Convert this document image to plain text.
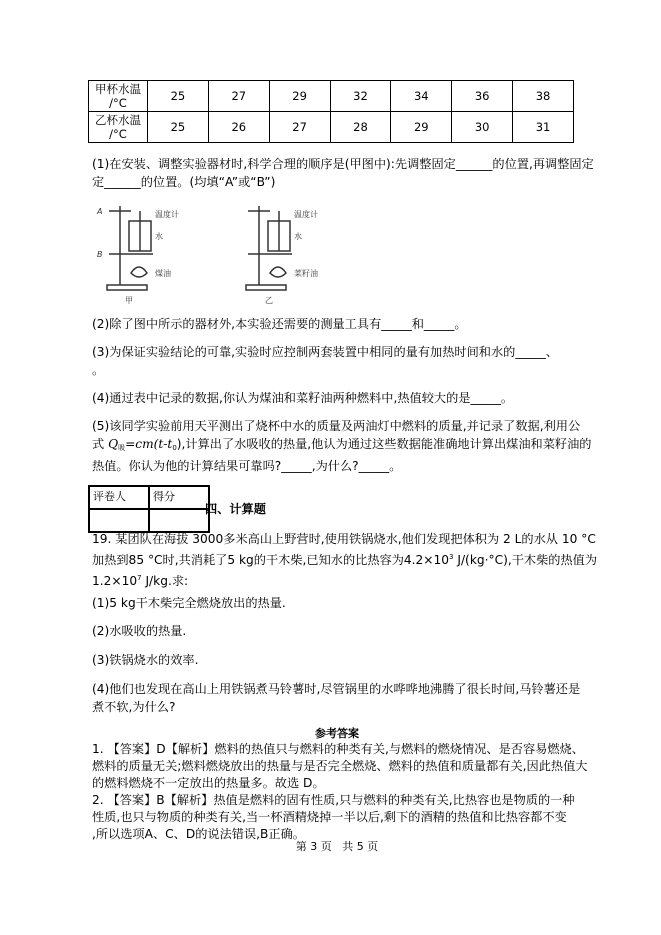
甲杯水温
/°C	25	27	29	32	34	36	38
乙杯水温
/°C	25	26	27	28	29	30	31
(1)在安装、调整实验器材时,科学合理的顺序是(甲图中):先调整固定______的位置,再调整固定
定______的位置。(均填“A”或“B”)
A
B
温度计
水
煤油
甲
温度计
水
菜籽油
乙
(2)除了图中所示的器材外,本实验还需要的测量工具有_____和_____。
(3)为保证实验结论的可靠,实验时应控制两套装置中相同的量有加热时间和水的_____、
。
(4)通过表中记录的数据,你认为煤油和菜籽油两种燃料中,热值较大的是_____。
(5)该同学实验前用天平测出了烧杯中水的质量及两油灯中燃料的质量,并记录了数据,利用公
式 $Q_吸=cm(t-t_0)$,计算出了水吸收的热量,他认为通过这些数据能准确地计算出煤油和菜籽油的
热值。你认为他的计算结果可靠吗?_____,为什么?_____。
评卷人	得分

四、计算题
19. 某团队在海拔 3000多米高山上野营时,使用铁锅烧水,他们发现把体积为 2 L的水从 10 °C
加热到85 °C时,共消耗了5 kg的干木柴,已知水的比热容为$4.2\times 10^3$ J/(kg·°C),干木柴的热值为
$1.2\times 10^7$ J/kg.求:
(1)5 kg干木柴完全燃烧放出的热量.
(2)水吸收的热量.
(3)铁锅烧水的效率.
(4)他们也发现在高山上用铁锅煮马铃薯时,尽管锅里的水哗哗地沸腾了很长时间,马铃薯还是
煮不软,为什么?
参考答案
1. 【答案】D【解析】燃料的热值只与燃料的种类有关,与燃料的燃烧情况、是否容易燃烧、
燃料的质量无关;燃料燃烧放出的热量与是否完全燃烧、燃料的热值和质量都有关,因此热值大
的燃料燃烧不一定放出的热量多。故选 D。
2. 【答案】B【解析】热值是燃料的固有性质,只与燃料的种类有关,比热容也是物质的一种
性质,也只与物质的种类有关,当一杯酒精烧掉一半以后,剩下的酒精的热值和比热容都不变
,所以选项A、C、D的说法错误,B正确。
第 3 页   共 5 页
